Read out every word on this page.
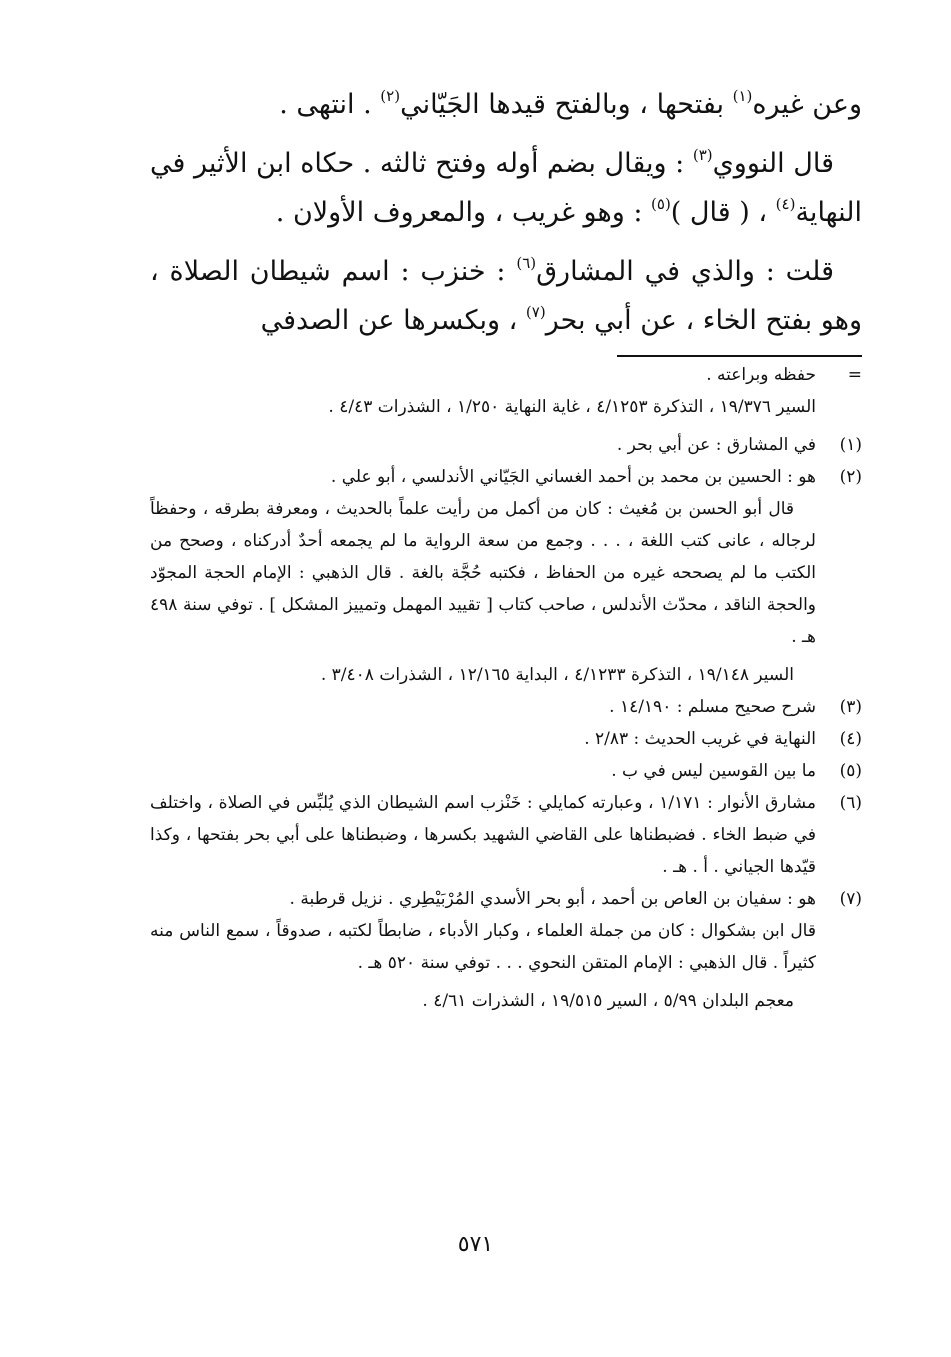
وعن غيره$^{(١)}$ بفتحها ، وبالفتح قيدها الجَيّاني$^{(٢)}$ . انتهى .

قال النووي$^{(٣)}$ : ويقال بضم أوله وفتح ثالثه . حكاه ابن الأثير في النهاية$^{(٤)}$ ، ( قال )$^{(٥)}$ : وهو غريب ، والمعروف الأولان .

قلت : والذي في المشارق$^{(٦)}$ : خنزب : اسم شيطان الصلاة ، وهو بفتح الخاء ، عن أبي بحر$^{(٧)}$ ، وبكسرها عن الصدفي

=
حفظه وبراعته .
السير ١٩/٣٧٦ ، التذكرة ٤/١٢٥٣ ، غاية النهاية ١/٢٥٠ ، الشذرات ٤/٤٣ .
(١)
في المشارق : عن أبي بحر .
(٢)
هو : الحسين بن محمد بن أحمد الغساني الجَيّاني الأندلسي ، أبو علي .
قال أبو الحسن بن مُغيث : كان من أكمل من رأيت علماً بالحديث ، ومعرفة بطرقه ، وحفظاً لرجاله ، عانى كتب اللغة ، . . . وجمع من سعة الرواية ما لم يجمعه أحدٌ أدركناه ، وصحح من الكتب ما لم يصححه غيره من الحفاظ ، فكتبه حُجَّة بالغة . قال الذهبي : الإمام الحجة المجوّد والحجة الناقد ، محدّث الأندلس ، صاحب كتاب [ تقييد المهمل وتمييز المشكل ] . توفي سنة ٤٩٨ هـ .
السير ١٩/١٤٨ ، التذكرة ٤/١٢٣٣ ، البداية ١٢/١٦٥ ، الشذرات ٣/٤٠٨ .
(٣)
شرح صحيح مسلم : ١٤/١٩٠ .
(٤)
النهاية في غريب الحديث : ٢/٨٣ .
(٥)
ما بين القوسين ليس في ب .
(٦)
مشارق الأنوار : ١/١٧١ ، وعبارته كمايلي : خَنْزب اسم الشيطان الذي يُلبِّس في الصلاة ، واختلف في ضبط الخاء . فضبطناها على القاضي الشهيد بكسرها ، وضبطناها على أبي بحر بفتحها ، وكذا قيّدها الجياني . أ . هـ .
(٧)
هو : سفيان بن العاص بن أحمد ، أبو بحر الأسدي المُرْبَيْطِري . نزيل قرطبة .
قال ابن بشكوال : كان من جملة العلماء ، وكبار الأدباء ، ضابطاً لكتبه ، صدوقاً ، سمع الناس منه كثيراً . قال الذهبي : الإمام المتقن النحوي . . . توفي سنة ٥٢٠ هـ .
معجم البلدان ٥/٩٩ ، السير ١٩/٥١٥ ، الشذرات ٤/٦١ .
٥٧١
